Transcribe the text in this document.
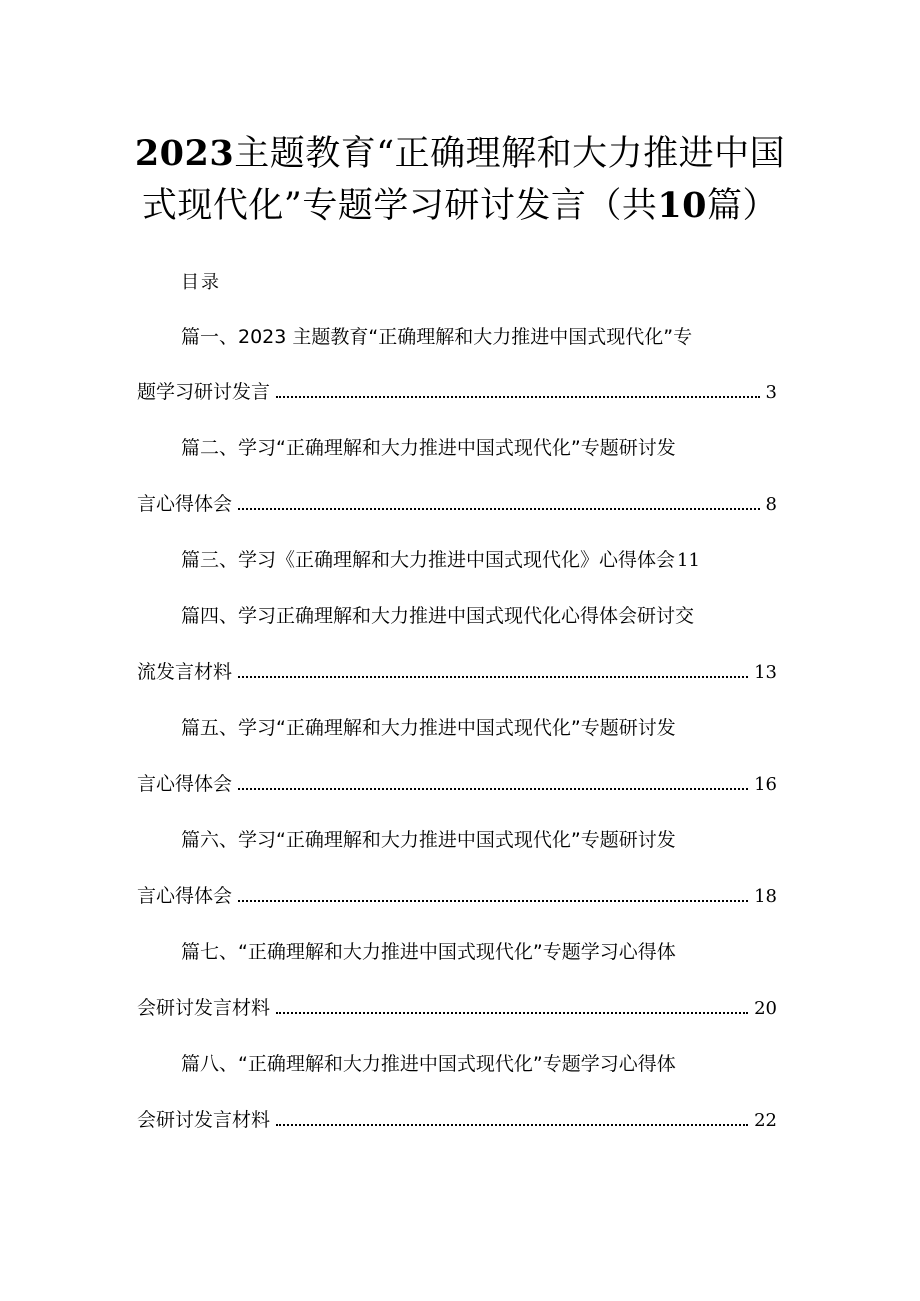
2023主题教育“正确理解和大力推进中国
式现代化”专题学习研讨发言（共10篇）
目录
篇一、2023 主题教育“正确理解和大力推进中国式现代化”专
题学习研讨发言	3
篇二、学习“正确理解和大力推进中国式现代化”专题研讨发
言心得体会	8
篇三、学习《正确理解和大力推进中国式现代化》心得体会 11
篇四、学习正确理解和大力推进中国式现代化心得体会研讨交
流发言材料	13
篇五、学习“正确理解和大力推进中国式现代化”专题研讨发
言心得体会	16
篇六、学习“正确理解和大力推进中国式现代化”专题研讨发
言心得体会	18
篇七、“正确理解和大力推进中国式现代化”专题学习心得体
会研讨发言材料	20
篇八、“正确理解和大力推进中国式现代化”专题学习心得体
会研讨发言材料	22
